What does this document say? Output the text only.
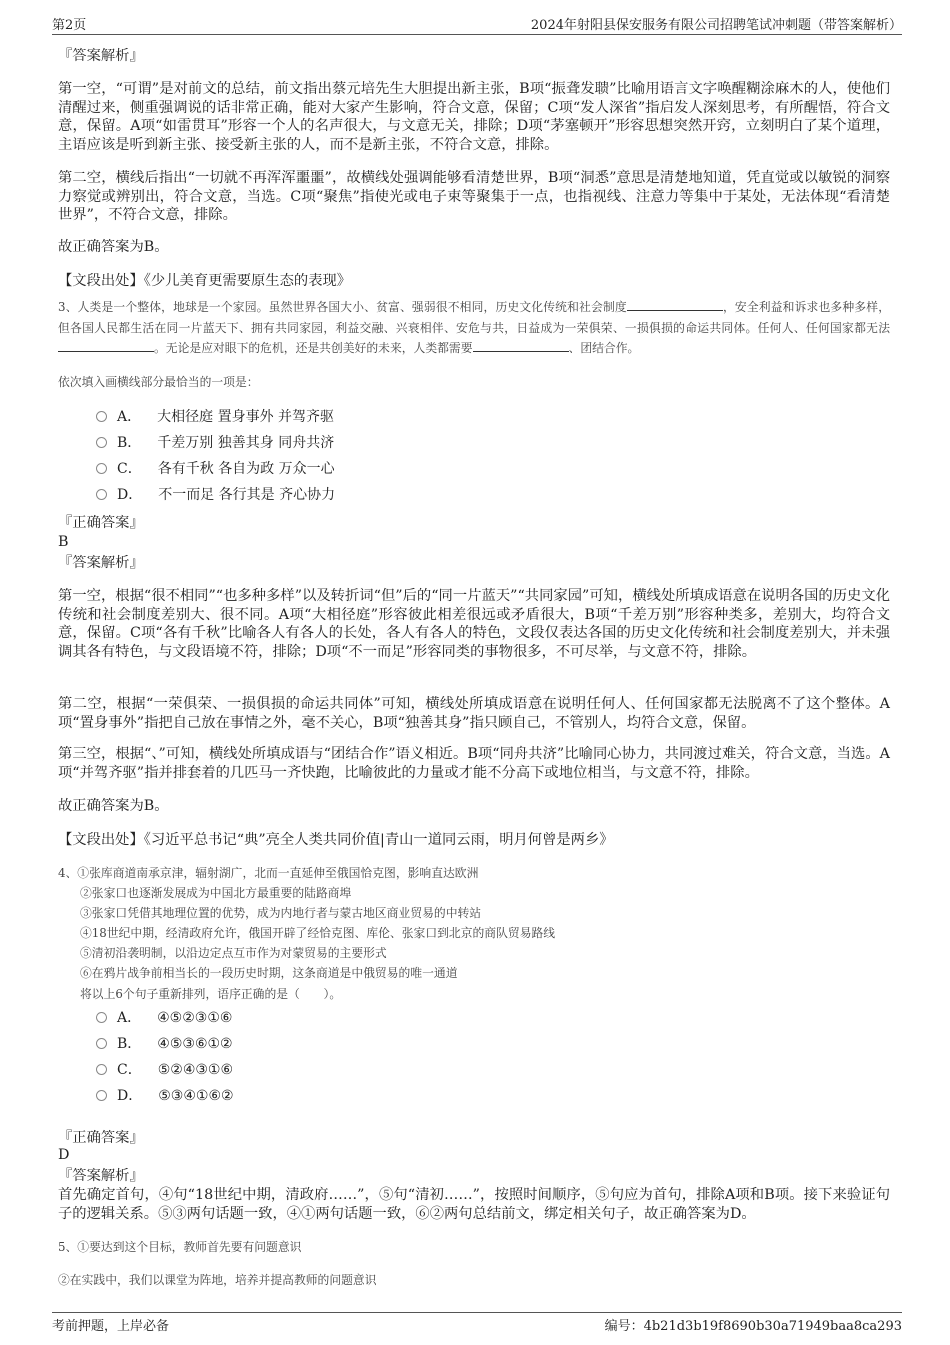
第2页	2024年射阳县保安服务有限公司招聘笔试冲刺题（带答案解析）
『答案解析』
第一空，“可谓”是对前文的总结，前文指出蔡元培先生大胆提出新主张，B项“振聋发聩”比喻用语言文字唤醒糊涂麻木的人，使他们清醒过来，侧重强调说的话非常正确，能对大家产生影响，符合文意，保留；C项“发人深省”指启发人深刻思考，有所醒悟，符合文意，保留。A项“如雷贯耳”形容一个人的名声很大，与文意无关，排除；D项“茅塞顿开”形容思想突然开窍，立刻明白了某个道理，主语应该是听到新主张、接受新主张的人，而不是新主张，不符合文意，排除。
第二空，横线后指出“一切就不再浑浑噩噩”，故横线处强调能够看清楚世界，B项“洞悉”意思是清楚地知道，凭直觉或以敏锐的洞察力察觉或辨别出，符合文意，当选。C项“聚焦”指使光或电子束等聚集于一点，也指视线、注意力等集中于某处，无法体现“看清楚世界”，不符合文意，排除。
故正确答案为B。
【文段出处】《少儿美育更需要原生态的表现》
3、人类是一个整体，地球是一个家园。虽然世界各国大小、贫富、强弱很不相同，历史文化传统和社会制度	，安全利益和诉求也多种多样，但各国人民都生活在同一片蓝天下、拥有共同家园，利益交融、兴衰相伴、安危与共，日益成为一荣俱荣、一损俱损的命运共同体。任何人、任何国家都无法。无论是应对眼下的危机，还是共创美好的未来，人类都需要	、团结合作。
依次填入画横线部分最恰当的一项是：
A． 大相径庭 置身事外 并驾齐驱
B． 千差万别 独善其身 同舟共济
C． 各有千秋 各自为政 万众一心
D． 不一而足 各行其是 齐心协力
『正确答案』
B
『答案解析』
第一空，根据“很不相同”“也多种多样”以及转折词“但”后的“同一片蓝天”“共同家园”可知，横线处所填成语意在说明各国的历史文化传统和社会制度差别大、很不同。A项“大相径庭”形容彼此相差很远或矛盾很大，B项“千差万别”形容种类多，差别大，均符合文意，保留。C项“各有千秋”比喻各人有各人的长处，各人有各人的特色，文段仅表达各国的历史文化传统和社会制度差别大，并未强调其各有特色，与文段语境不符，排除；D项“不一而足”形容同类的事物很多，不可尽举，与文意不符，排除。
第二空，根据“一荣俱荣、一损俱损的命运共同体”可知，横线处所填成语意在说明任何人、任何国家都无法脱离不了这个整体。A项“置身事外”指把自己放在事情之外，毫不关心，B项“独善其身”指只顾自己，不管别人，均符合文意，保留。
第三空，根据“、”可知，横线处所填成语与“团结合作”语义相近。B项“同舟共济”比喻同心协力，共同渡过难关，符合文意，当选。A项“并驾齐驱”指并排套着的几匹马一齐快跑，比喻彼此的力量或才能不分高下或地位相当，与文意不符，排除。
故正确答案为B。
【文段出处】《习近平总书记“典”亮全人类共同价值|青山一道同云雨，明月何曾是两乡》
4、①张库商道南承京津，辐射湖广，北而一直延伸至俄国恰克图，影响直达欧洲
②张家口也逐渐发展成为中国北方最重要的陆路商埠
③张家口凭借其地理位置的优势，成为内地行者与蒙古地区商业贸易的中转站
④18世纪中期，经清政府允许，俄国开辟了经恰克图、库伦、张家口到北京的商队贸易路线
⑤清初沿袭明制，以沿边定点互市作为对蒙贸易的主要形式
⑥在鸦片战争前相当长的一段历史时期，这条商道是中俄贸易的唯一通道
将以上6个句子重新排列，语序正确的是（　　）。
A． ④⑤②③①⑥
B． ④⑤③⑥①②
C． ⑤②④③①⑥
D． ⑤③④①⑥②
『正确答案』
D
『答案解析』
首先确定首句，④句“18世纪中期，清政府……”，⑤句“清初……”，按照时间顺序，⑤句应为首句，排除A项和B项。接下来验证句子的逻辑关系。⑤③两句话题一致，④①两句话题一致，⑥②两句总结前文，绑定相关句子，故正确答案为D。
5、①要达到这个目标，教师首先要有问题意识
②在实践中，我们以课堂为阵地，培养并提高教师的问题意识
考前押题，上岸必备	编号：4b21d3b19f8690b30a71949baa8ca293
